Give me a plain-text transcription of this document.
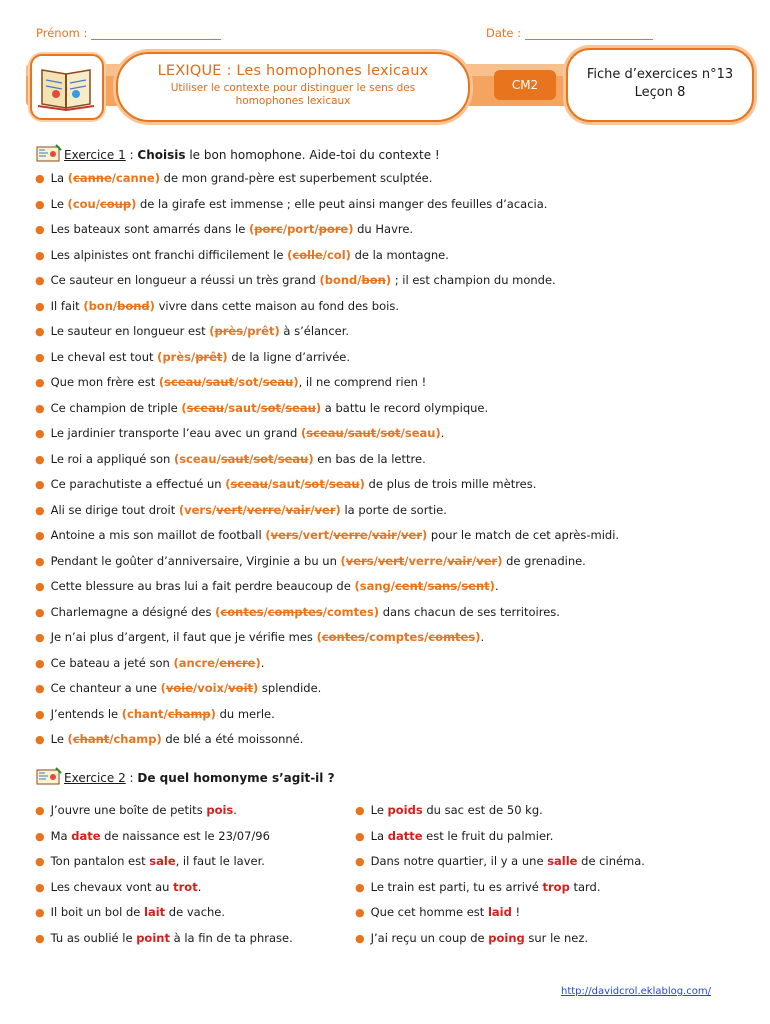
Prénom :	Date :
LEXIQUE : Les homophones lexicaux
Utiliser le contexte pour distinguer le sens des
homophones lexicaux
CM2
Fiche d’exercices n°13
Leçon 8
Exercice 1 : Choisis le bon homophone. Aide-toi du contexte !
● La (canne/canne) de mon grand-père est superbement sculptée.
● Le (cou/coup) de la girafe est immense ; elle peut ainsi manger des feuilles d’acacia.
● Les bateaux sont amarrés dans le (porc/port/pore) du Havre.
● Les alpinistes ont franchi difficilement le (colle/col) de la montagne.
● Ce sauteur en longueur a réussi un très grand (bond/bon) ; il est champion du monde.
● Il fait (bon/bond) vivre dans cette maison au fond des bois.
● Le sauteur en longueur est (près/prêt) à s’élancer.
● Le cheval est tout (près/prêt) de la ligne d’arrivée.
● Que mon frère est (sceau/saut/sot/seau), il ne comprend rien !
● Ce champion de triple (sceau/saut/sot/seau) a battu le record olympique.
● Le jardinier transporte l’eau avec un grand (sceau/saut/sot/seau).
● Le roi a appliqué son (sceau/saut/sot/seau) en bas de la lettre.
● Ce parachutiste a effectué un (sceau/saut/sot/seau) de plus de trois mille mètres.
● Ali se dirige tout droit (vers/vert/verre/vair/ver) la porte de sortie.
● Antoine a mis son maillot de football (vers/vert/verre/vair/ver) pour le match de cet après-midi.
● Pendant le goûter d’anniversaire, Virginie a bu un (vers/vert/verre/vair/ver) de grenadine.
● Cette blessure au bras lui a fait perdre beaucoup de (sang/cent/sans/sent).
● Charlemagne a désigné des (contes/comptes/comtes) dans chacun de ses territoires.
● Je n’ai plus d’argent, il faut que je vérifie mes (contes/comptes/comtes).
● Ce bateau a jeté son (ancre/encre).
● Ce chanteur a une (voie/voix/voit) splendide.
● J’entends le (chant/champ) du merle.
● Le (chant/champ) de blé a été moissonné.
Exercice 2 : De quel homonyme s’agit-il ?
● J’ouvre une boîte de petits pois.
● Ma date de naissance est le 23/07/96
● Ton pantalon est sale, il faut le laver.
● Les chevaux vont au trot.
● Il boit un bol de lait de vache.
● Tu as oublié le point à la fin de ta phrase.
● Le poids du sac est de 50 kg.
● La datte est le fruit du palmier.
● Dans notre quartier, il y a une salle de cinéma.
● Le train est parti, tu es arrivé trop tard.
● Que cet homme est laid !
● J’ai reçu un coup de poing sur le nez.
http://davidcrol.eklablog.com/
